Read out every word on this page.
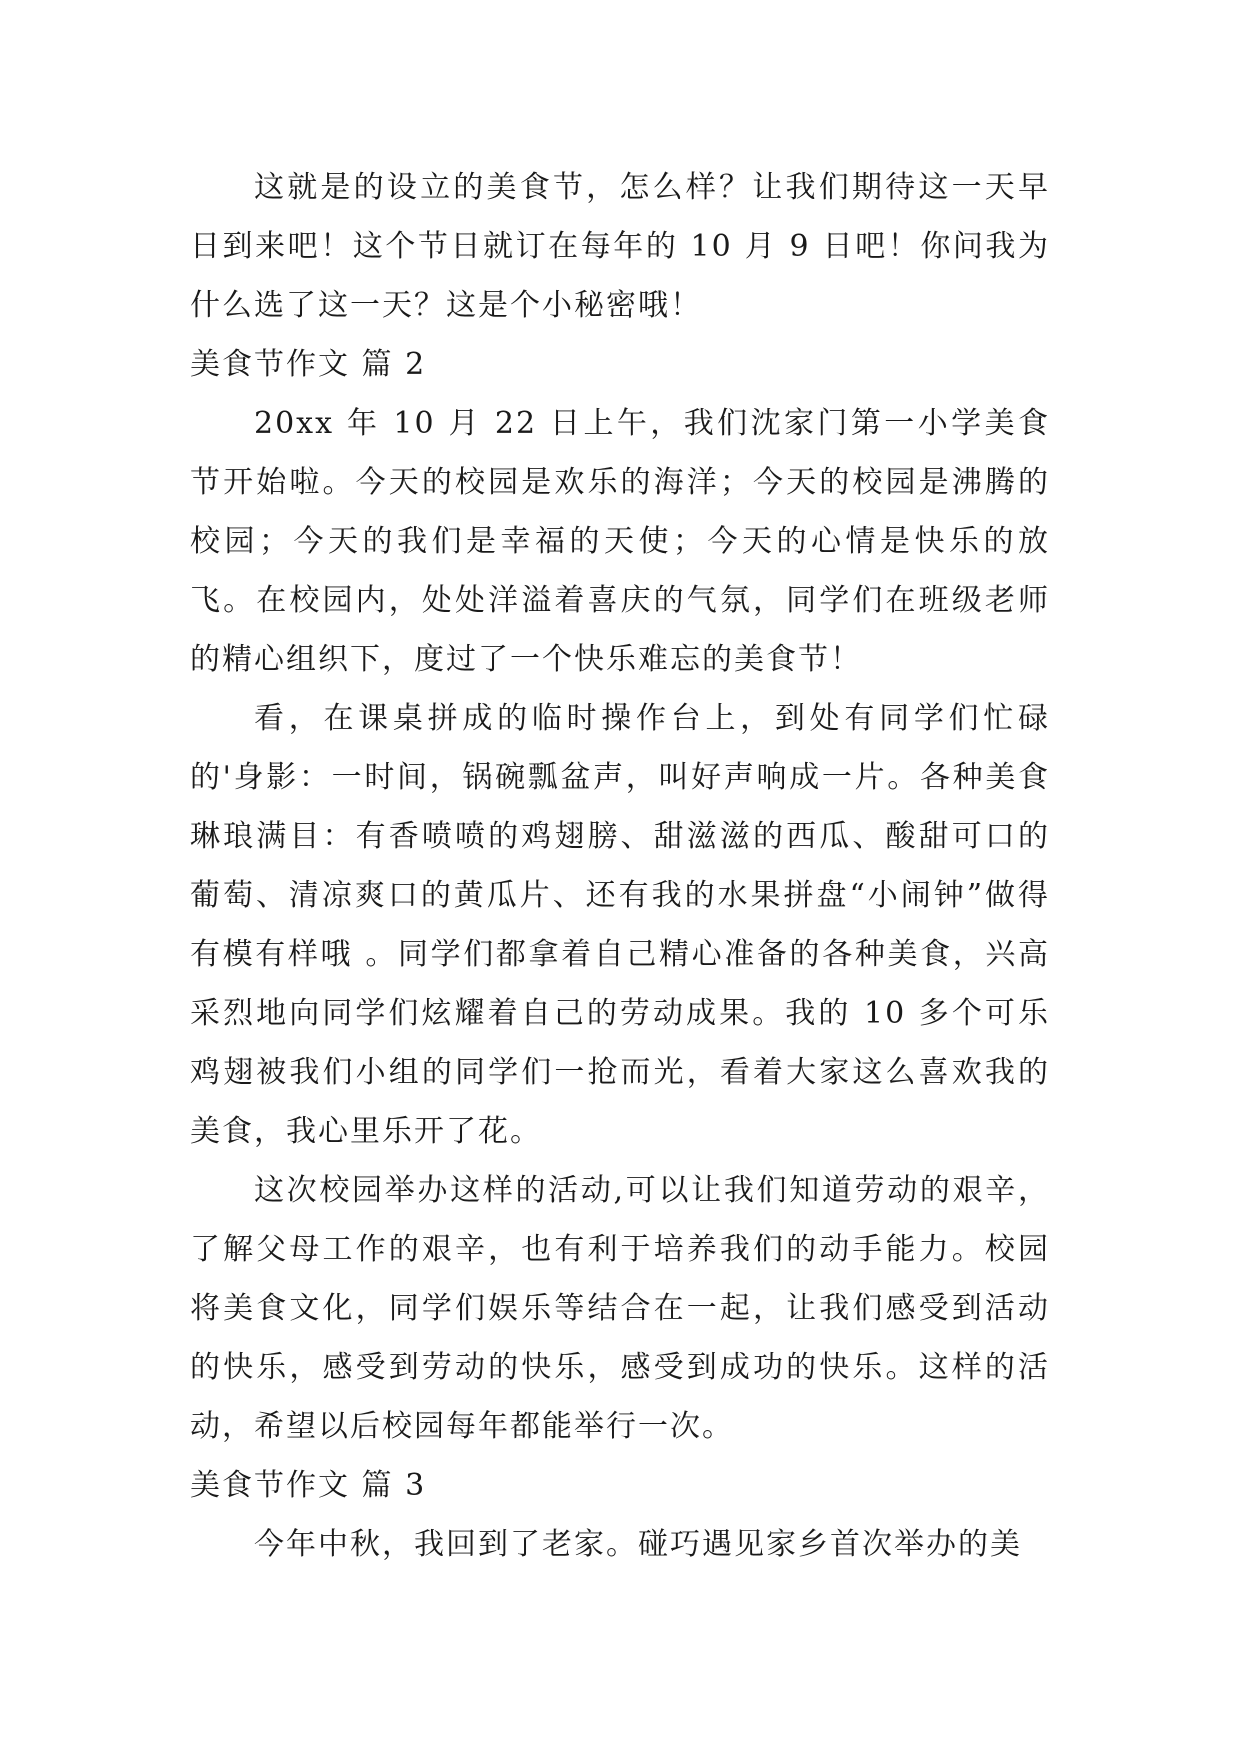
这就是的设立的美食节，怎么样？让我们期待这一天早日到来吧！这个节日就订在每年的 10 月 9 日吧！你问我为什么选了这一天？这是个小秘密哦！

美食节作文 篇 2

20xx 年 10 月 22 日上午，我们沈家门第一小学美食节开始啦。今天的校园是欢乐的海洋；今天的校园是沸腾的校园；今天的我们是幸福的天使；今天的心情是快乐的放飞。在校园内，处处洋溢着喜庆的气氛，同学们在班级老师的精心组织下，度过了一个快乐难忘的美食节！

看，在课桌拼成的临时操作台上，到处有同学们忙碌的'身影：一时间，锅碗瓢盆声，叫好声响成一片。各种美食琳琅满目：有香喷喷的鸡翅膀、甜滋滋的西瓜、酸甜可口的葡萄、清凉爽口的黄瓜片、还有我的水果拼盘“小闹钟”做得有模有样哦 。同学们都拿着自己精心准备的各种美食，兴高采烈地向同学们炫耀着自己的劳动成果。我的 10 多个可乐鸡翅被我们小组的同学们一抢而光，看着大家这么喜欢我的美食，我心里乐开了花。

这次校园举办这样的活动,可以让我们知道劳动的艰辛，了解父母工作的艰辛，也有利于培养我们的动手能力。校园将美食文化，同学们娱乐等结合在一起，让我们感受到活动的快乐，感受到劳动的快乐，感受到成功的快乐。这样的活动，希望以后校园每年都能举行一次。

美食节作文 篇 3

今年中秋，我回到了老家。碰巧遇见家乡首次举办的美
